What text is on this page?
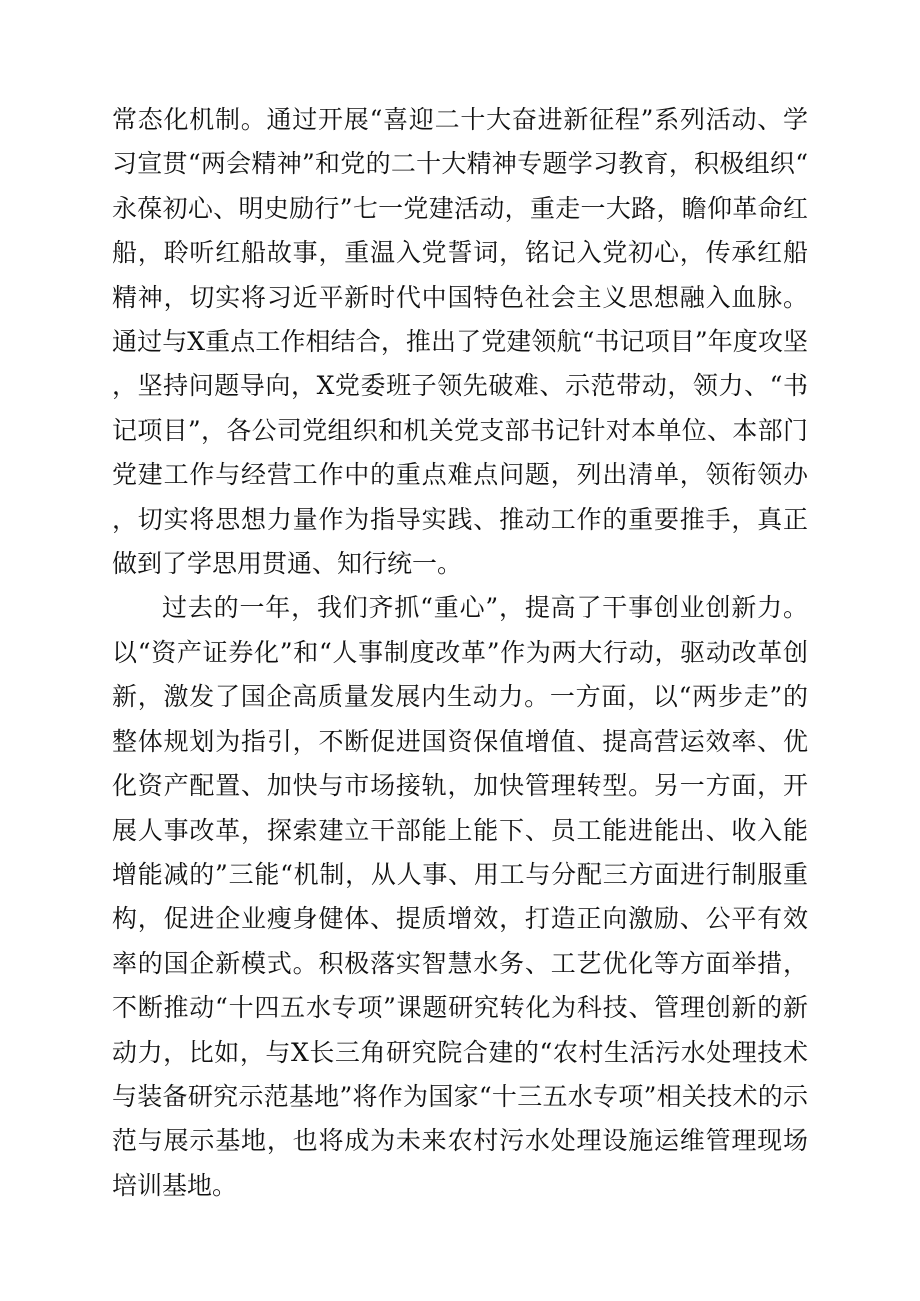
常态化机制。通过开展“喜迎二十大奋进新征程”系列活动、学习宣贯“两会精神”和党的二十大精神专题学习教育，积极组织“永葆初心、明史励行”七一党建活动，重走一大路，瞻仰革命红船，聆听红船故事，重温入党誓词，铭记入党初心，传承红船精神，切实将习近平新时代中国特色社会主义思想融入血脉。通过与X重点工作相结合，推出了党建领航“书记项目”年度攻坚，坚持问题导向，X党委班子领先破难、示范带动，领力、“书记项目”，各公司党组织和机关党支部书记针对本单位、本部门党建工作与经营工作中的重点难点问题，列出清单，领衔领办，切实将思想力量作为指导实践、推动工作的重要推手，真正做到了学思用贯通、知行统一。

过去的一年，我们齐抓“重心”，提高了干事创业创新力。以“资产证券化”和“人事制度改革”作为两大行动，驱动改革创新，激发了国企高质量发展内生动力。一方面，以“两步走”的整体规划为指引，不断促进国资保值增值、提高营运效率、优化资产配置、加快与市场接轨，加快管理转型。另一方面，开展人事改革，探索建立干部能上能下、员工能进能出、收入能增能减的”三能“机制，从人事、用工与分配三方面进行制服重构，促进企业瘦身健体、提质增效，打造正向激励、公平有效率的国企新模式。积极落实智慧水务、工艺优化等方面举措，不断推动“十四五水专项”课题研究转化为科技、管理创新的新动力，比如，与X长三角研究院合建的“农村生活污水处理技术与装备研究示范基地”将作为国家“十三五水专项”相关技术的示范与展示基地，也将成为未来农村污水处理设施运维管理现场培训基地。
